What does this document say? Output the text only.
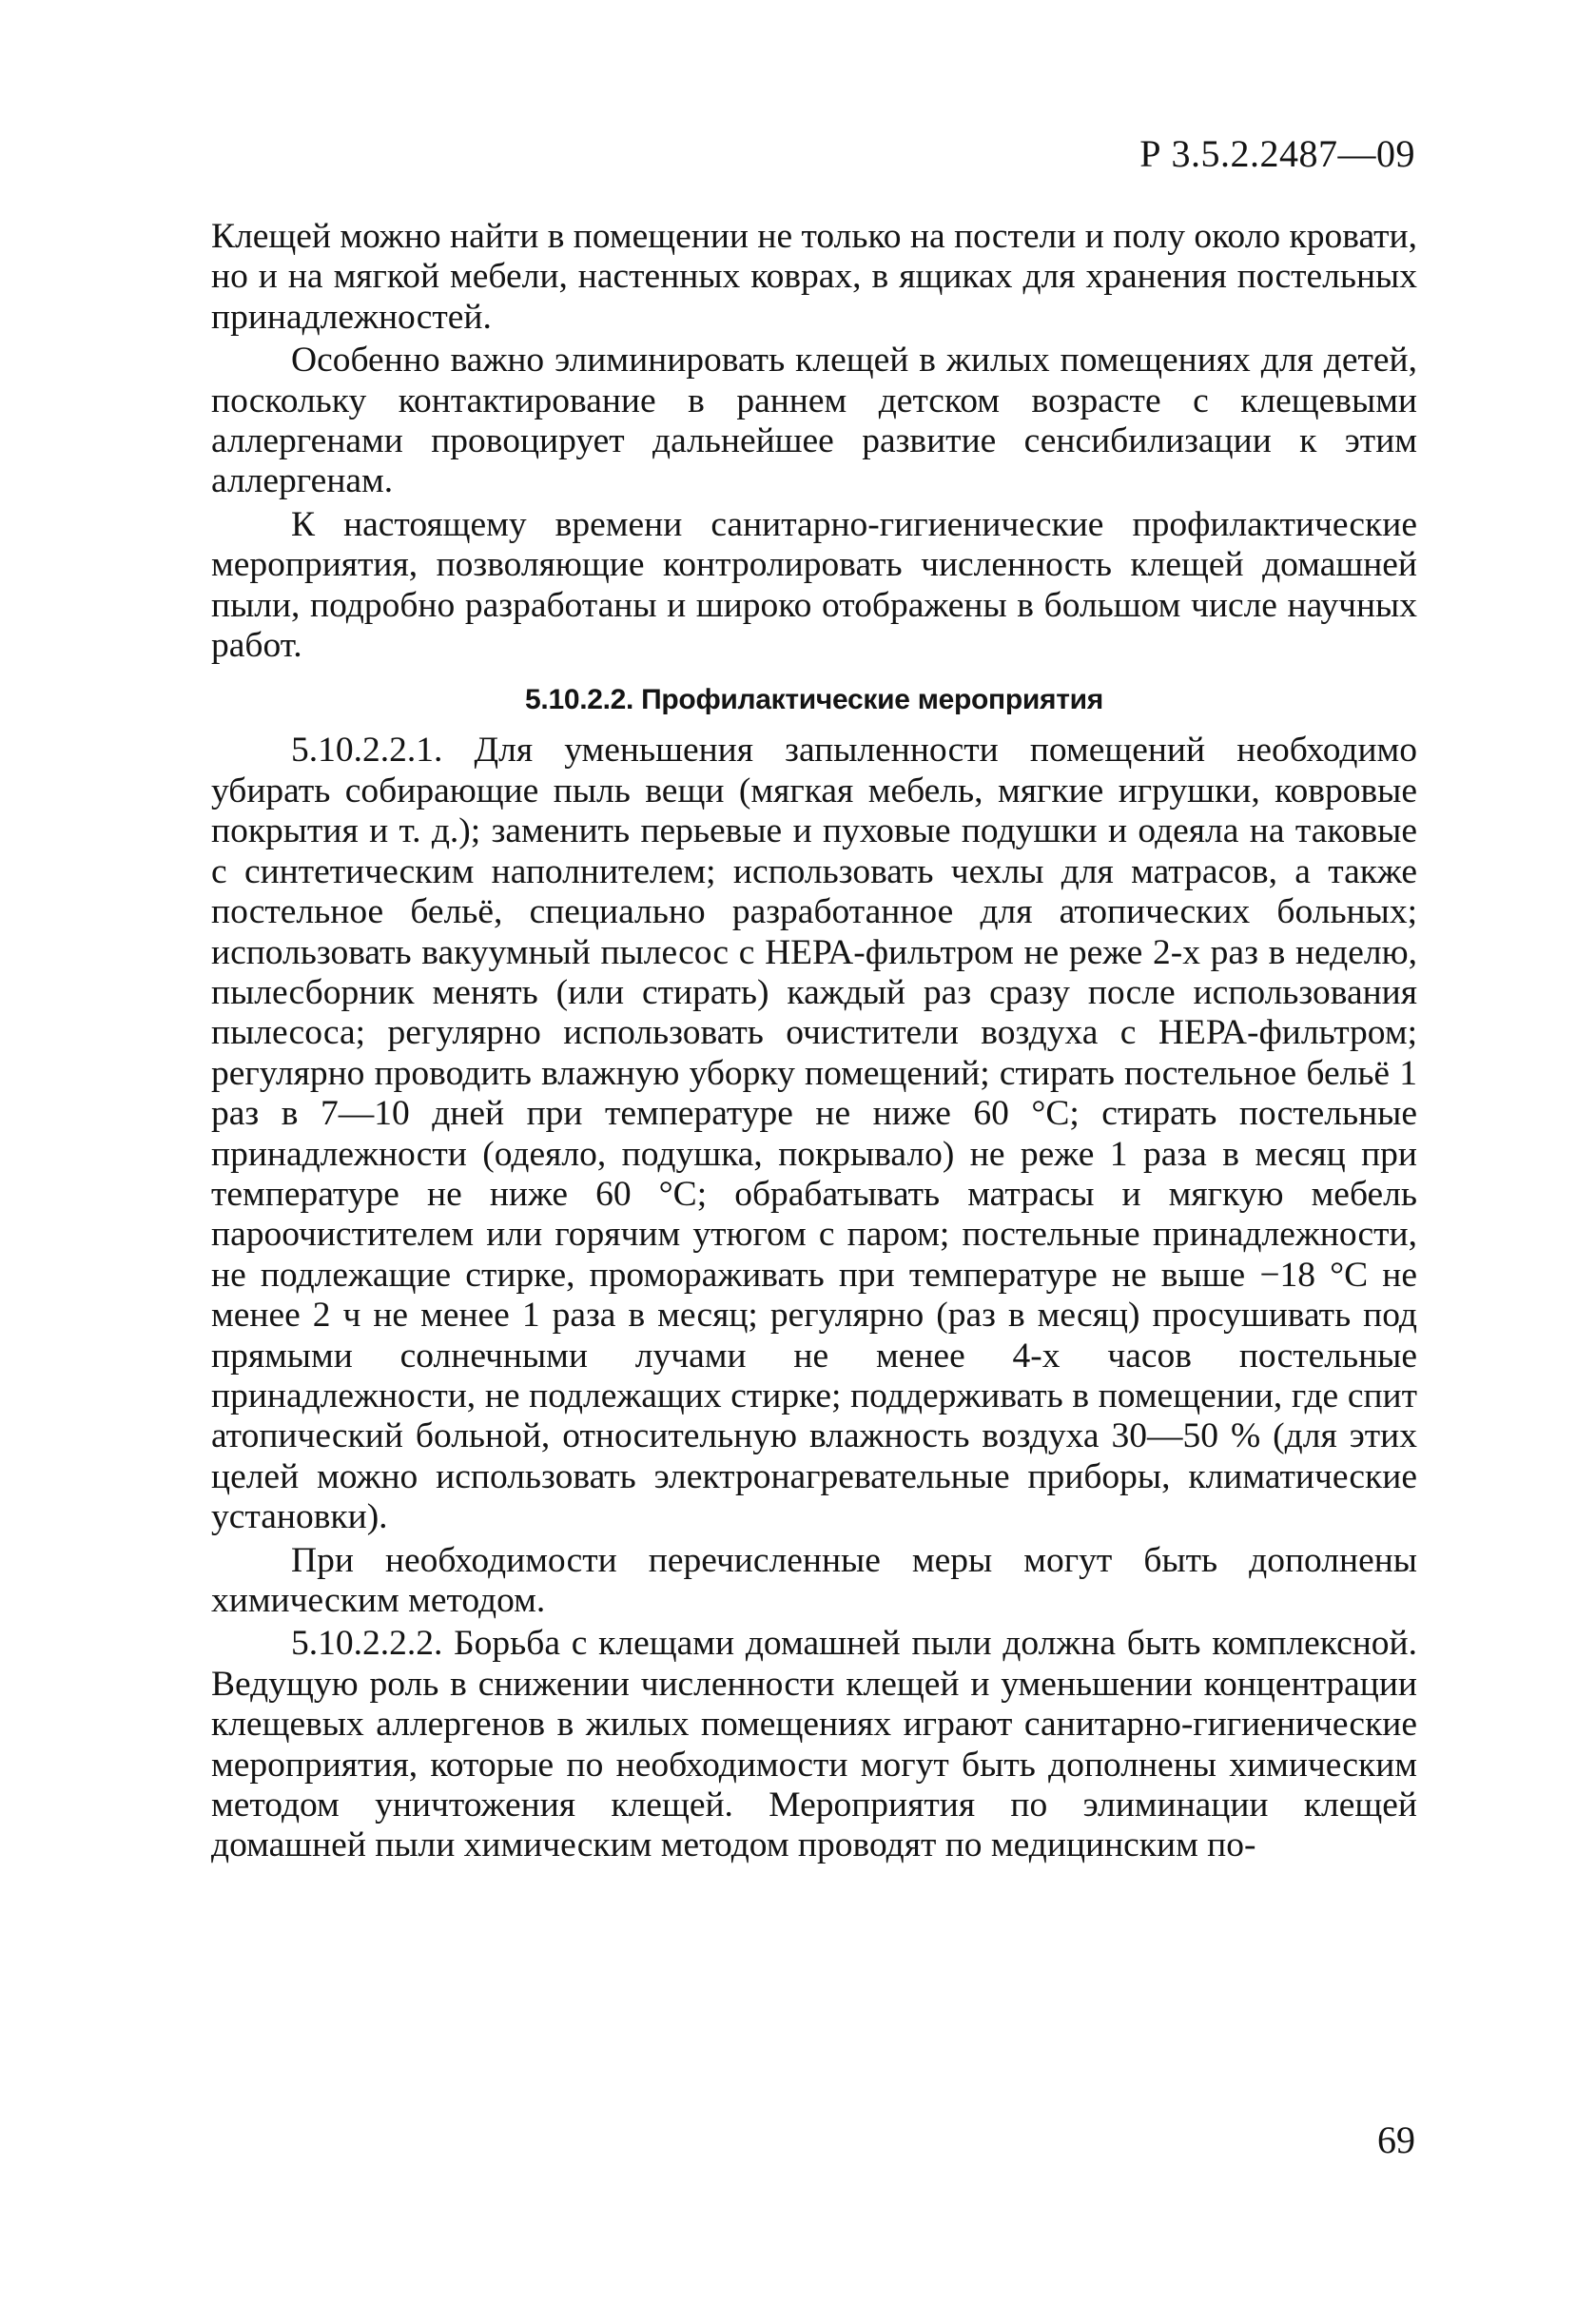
Р 3.5.2.2487—09

Клещей можно найти в помещении не только на постели и полу около кровати, но и на мягкой мебели, настенных коврах, в ящиках для хранения постельных принадлежностей.

Особенно важно элиминировать клещей в жилых помещениях для детей, поскольку контактирование в раннем детском возрасте с клещевыми аллергенами провоцирует дальнейшее развитие сенсибилизации к этим аллергенам.

К настоящему времени санитарно-гигиенические профилактические мероприятия, позволяющие контролировать численность клещей домашней пыли, подробно разработаны и широко отображены в большом числе научных работ.

5.10.2.2. Профилактические мероприятия

5.10.2.2.1. Для уменьшения запыленности помещений необходимо убирать собирающие пыль вещи (мягкая мебель, мягкие игрушки, ковровые покрытия и т. д.); заменить перьевые и пуховые подушки и одеяла на таковые с синтетическим наполнителем; использовать чехлы для матрасов, а также постельное бельё, специально разработанное для атопических больных; использовать вакуумный пылесос с НЕРА-фильтром не реже 2-х раз в неделю, пылесборник менять (или стирать) каждый раз сразу после использования пылесоса; регулярно использовать очистители воздуха с НЕРА-фильтром; регулярно проводить влажную уборку помещений; стирать постельное бельё 1 раз в 7—10 дней при температуре не ниже 60 °С; стирать постельные принадлежности (одеяло, подушка, покрывало) не реже 1 раза в месяц при температуре не ниже 60 °С; обрабатывать матрасы и мягкую мебель пароочистителем или горячим утюгом с паром; постельные принадлежности, не подлежащие стирке, промораживать при температуре не выше −18 °С не менее 2 ч не менее 1 раза в месяц; регулярно (раз в месяц) просушивать под прямыми солнечными лучами не менее 4-х часов постельные принадлежности, не подлежащих стирке; поддерживать в помещении, где спит атопический больной, относительную влажность воздуха 30—50 % (для этих целей можно использовать электронагревательные приборы, климатические установки).

При необходимости перечисленные меры могут быть дополнены химическим методом.

5.10.2.2.2. Борьба с клещами домашней пыли должна быть комплексной. Ведущую роль в снижении численности клещей и уменьшении концентрации клещевых аллергенов в жилых помещениях играют санитарно-гигиенические мероприятия, которые по необходимости могут быть дополнены химическим методом уничтожения клещей. Мероприятия по элиминации клещей домашней пыли химическим методом проводят по медицинским по-

69
